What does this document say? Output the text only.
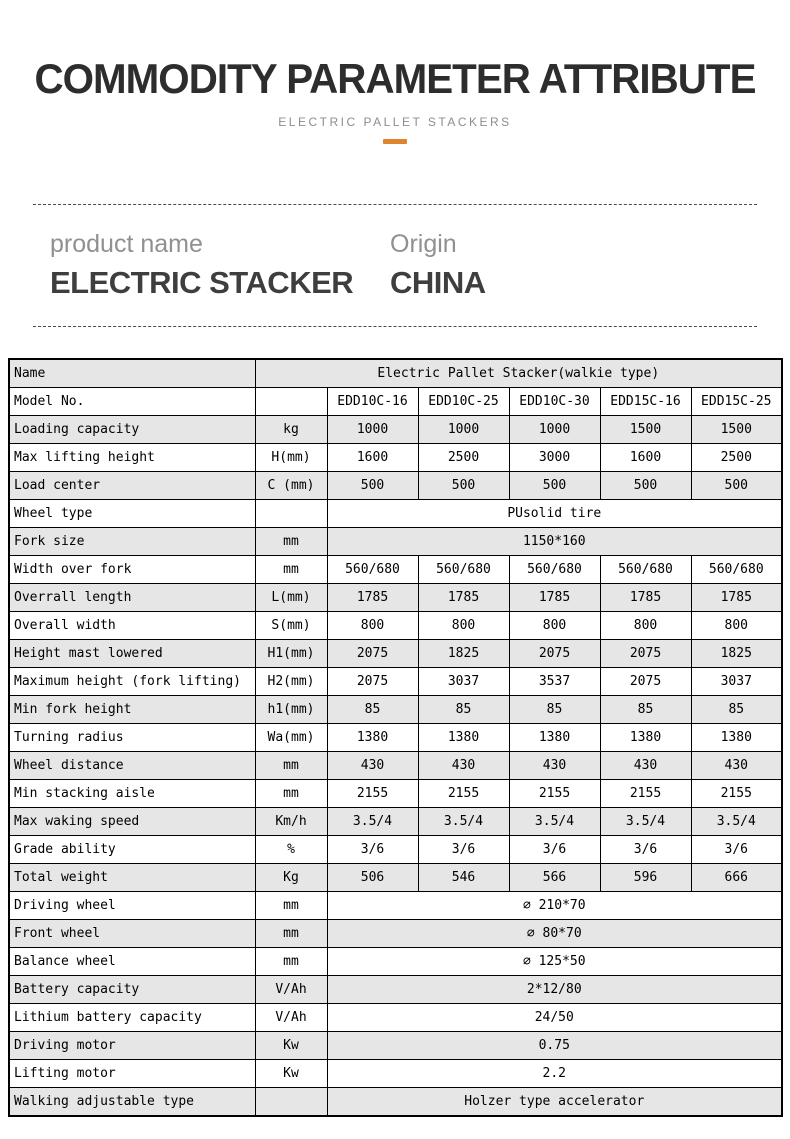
COMMODITY PARAMETER ATTRIBUTE
ELECTRIC PALLET STACKERS
product name
ELECTRIC STACKER
Origin
CHINA
Name	Electric Pallet Stacker(walkie type)					
Model No.		EDD10C-16	EDD10C-25	EDD10C-30	EDD15C-16	EDD15C-25
Loading capacity	kg	1000	1000	1000	1500	1500
Max lifting height	H(mm)	1600	2500	3000	1600	2500
Load center	C (mm)	500	500	500	500	500
Wheel type		PUsolid tire				
Fork size	mm	1150*160				
Width over fork	mm	560/680	560/680	560/680	560/680	560/680
Overrall length	L(mm)	1785	1785	1785	1785	1785
Overall width	S(mm)	800	800	800	800	800
Height mast lowered	H1(mm)	2075	1825	2075	2075	1825
Maximum height (fork lifting)	H2(mm)	2075	3037	3537	2075	3037
Min fork height	h1(mm)	85	85	85	85	85
Turning radius	Wa(mm)	1380	1380	1380	1380	1380
Wheel distance	mm	430	430	430	430	430
Min stacking aisle	mm	2155	2155	2155	2155	2155
Max waking speed	Km/h	3.5/4	3.5/4	3.5/4	3.5/4	3.5/4
Grade ability	%	3/6	3/6	3/6	3/6	3/6
Total weight	Kg	506	546	566	596	666
Driving wheel	mm	⌀ 210*70				
Front wheel	mm	⌀ 80*70				
Balance wheel	mm	⌀ 125*50				
Battery capacity	V/Ah	2*12/80				
Lithium battery capacity	V/Ah	24/50				
Driving motor	Kw	0.75				
Lifting motor	Kw	2.2				
Walking adjustable type		Holzer type accelerator				
